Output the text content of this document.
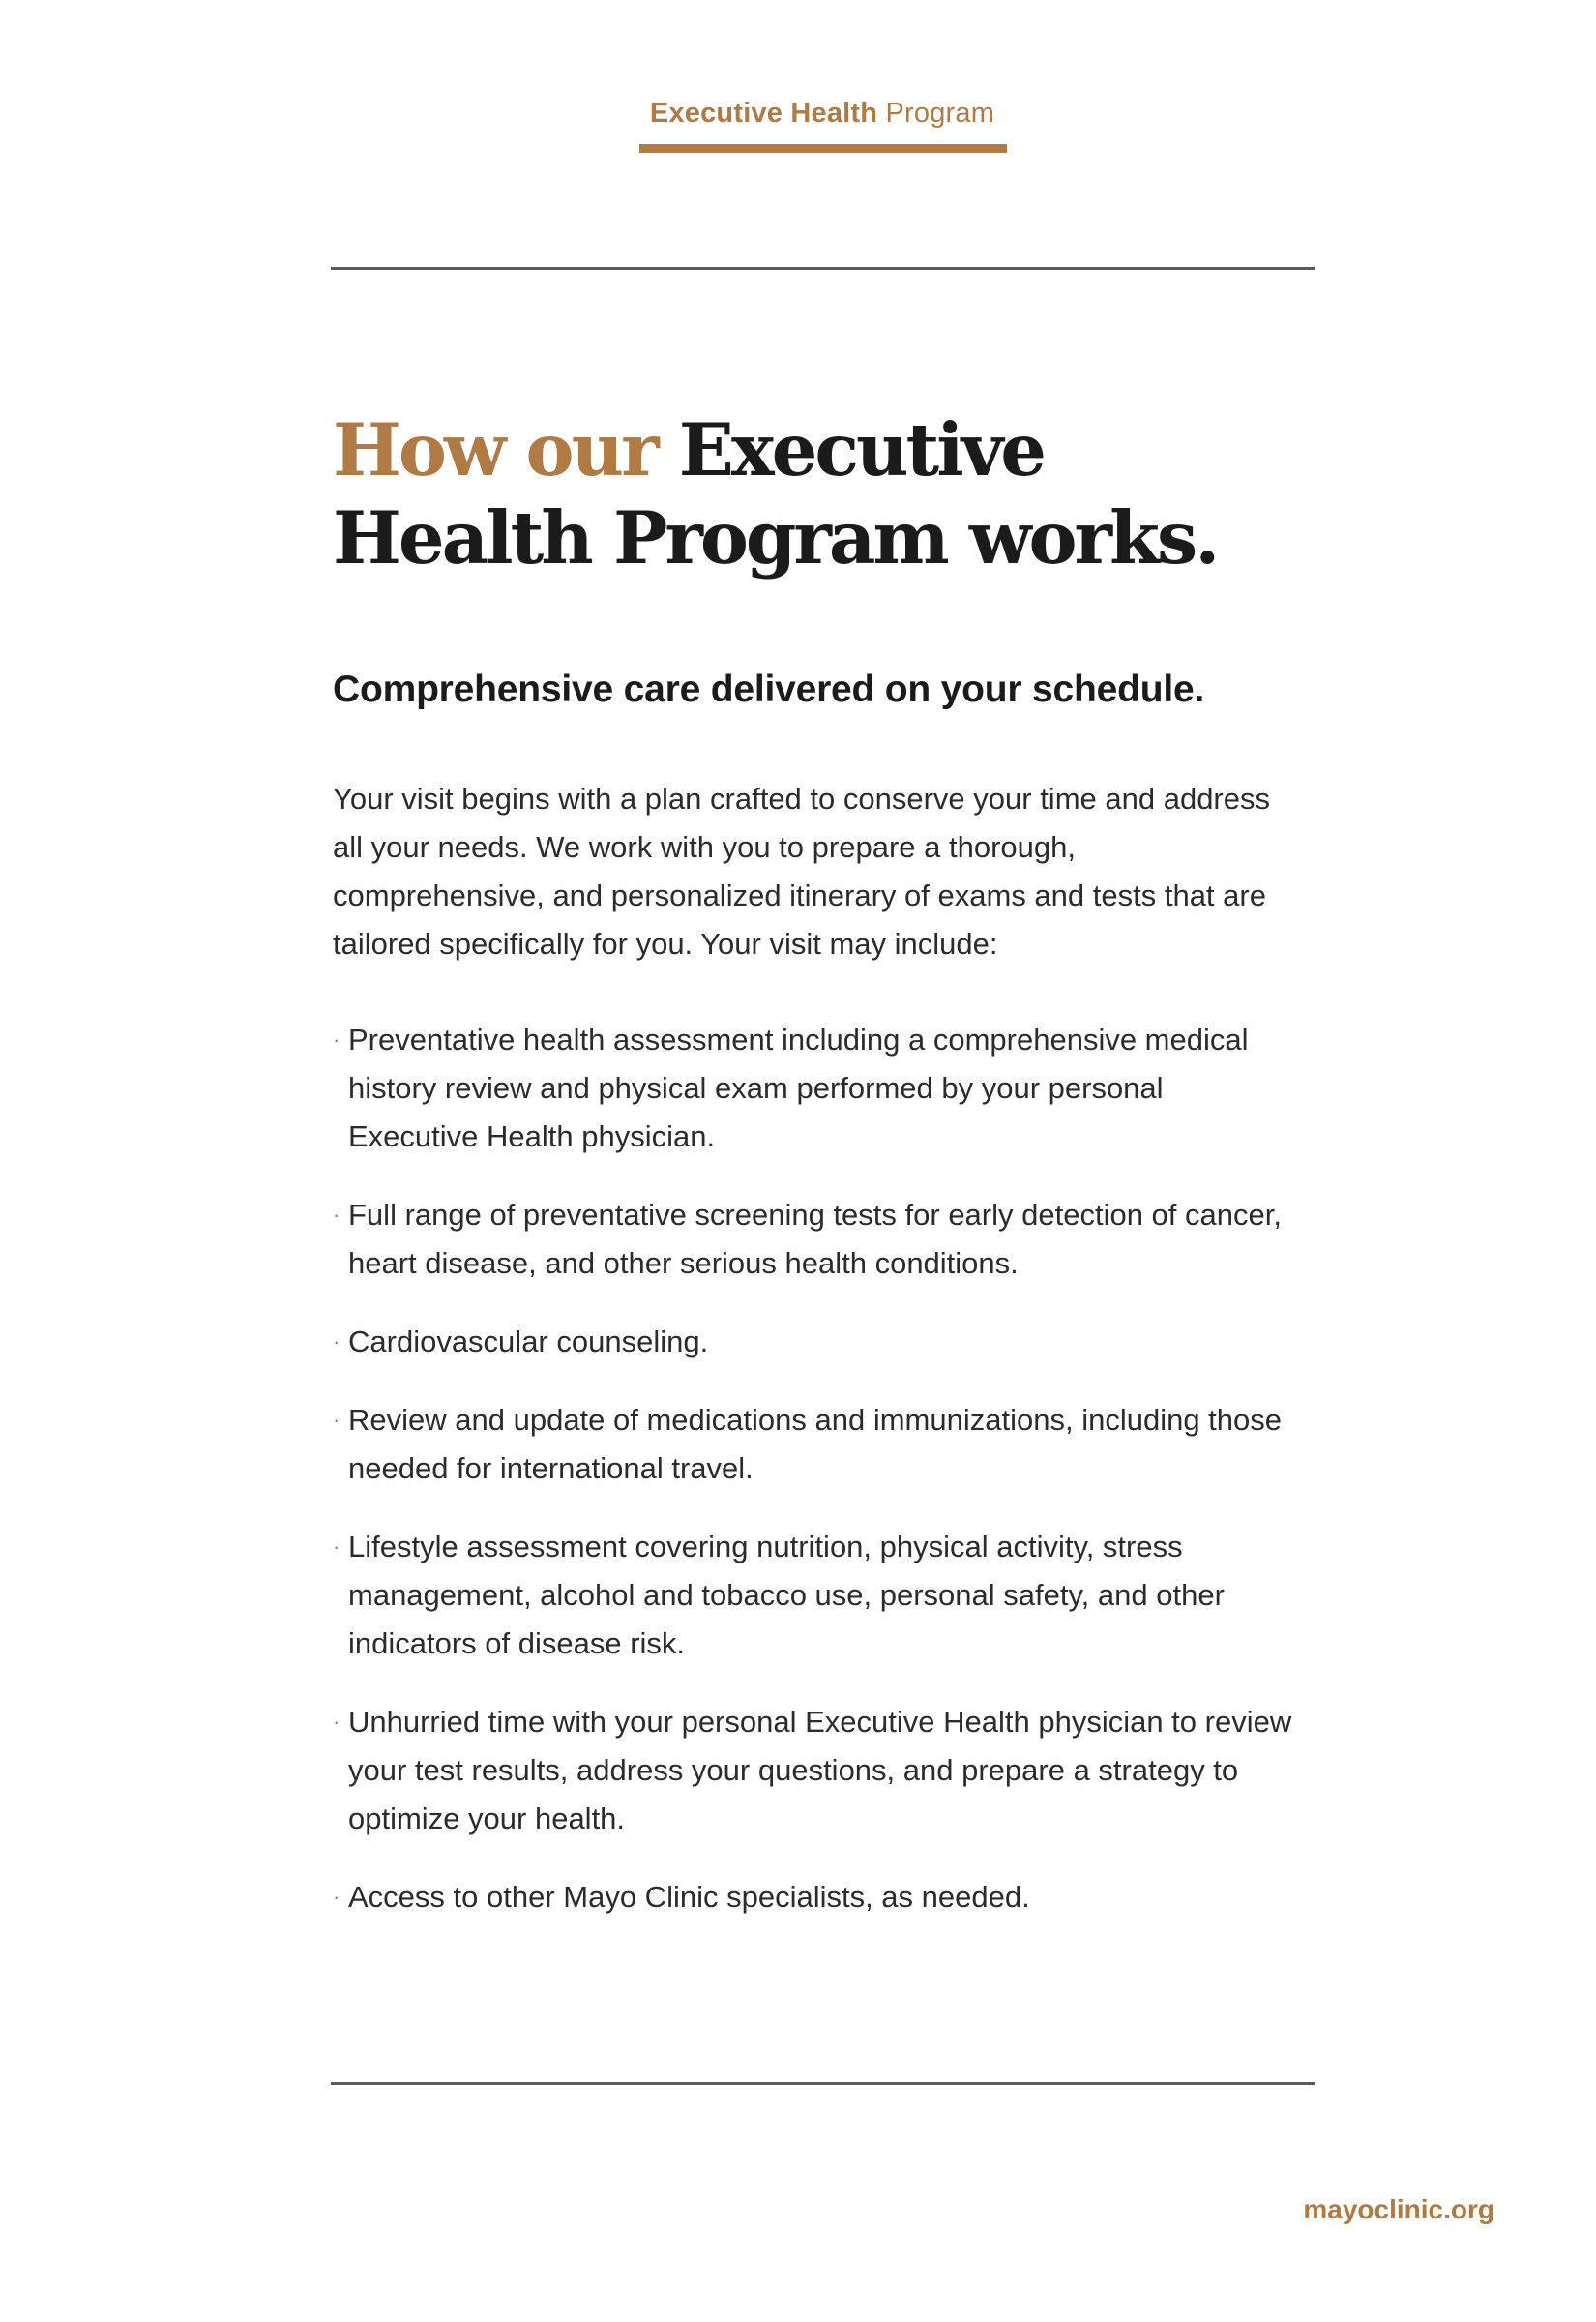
Executive Health Program
How our Executive
Health Program works.
Comprehensive care delivered on your schedule.

Your visit begins with a plan crafted to conserve your time and address all your needs. We work with you to prepare a thorough, comprehensive, and personalized itinerary of exams and tests that are tailored specifically for you. Your visit may include:

· Preventative health assessment including a comprehensive medical history review and physical exam performed by your personal Executive Health physician.
· Full range of preventative screening tests for early detection of cancer, heart disease, and other serious health conditions.
· Cardiovascular counseling.
· Review and update of medications and immunizations, including those needed for international travel.
· Lifestyle assessment covering nutrition, physical activity, stress management, alcohol and tobacco use, personal safety, and other indicators of disease risk.
· Unhurried time with your personal Executive Health physician to review your test results, address your questions, and prepare a strategy to optimize your health.
· Access to other Mayo Clinic specialists, as needed.
mayoclinic.org
